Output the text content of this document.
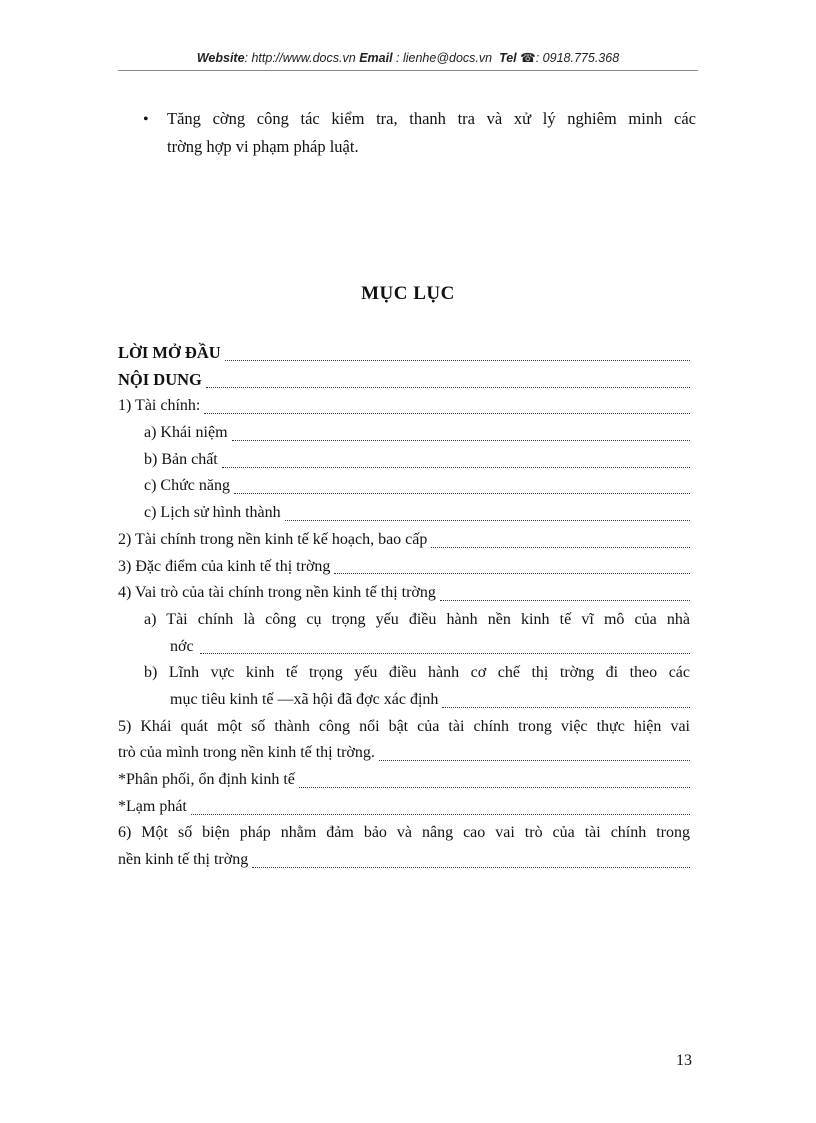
Website: http://www.docs.vn Email : lienhe@docs.vn Tel ☎: 0918.775.368
• Tăng cờng công tác kiểm tra, thanh tra và xử lý nghiêm minh các
trờng hợp vi phạm pháp luật.
MỤC LỤC
LỜI MỞ ĐẦU
NỘI DUNG
1) Tài chính:
a) Khái niệm
b) Bản chất
c) Chức năng
c) Lịch sử hình thành
2) Tài chính trong nền kinh tế kế hoạch, bao cấp
3) Đặc điểm của kinh tế thị trờng
4) Vai trò của tài chính trong nền kinh tế thị trờng
a) Tài chính là công cụ trọng yếu điều hành nền kinh tế vĩ mô của nhà
nớc
b) Lĩnh vực kinh tế trọng yếu điều hành cơ chế thị trờng đi theo các
mục tiêu kinh tế —xã hội đã đợc xác định
5) Khái quát một số thành công nổi bật của tài chính trong việc thực hiện vai
trò của mình trong nền kinh tế thị trờng.
*Phân phối, ổn định kinh tế
*Lạm phát
6) Một số biện pháp nhằm đảm bảo và nâng cao vai trò của tài chính trong
nền kinh tế thị trờng
13
